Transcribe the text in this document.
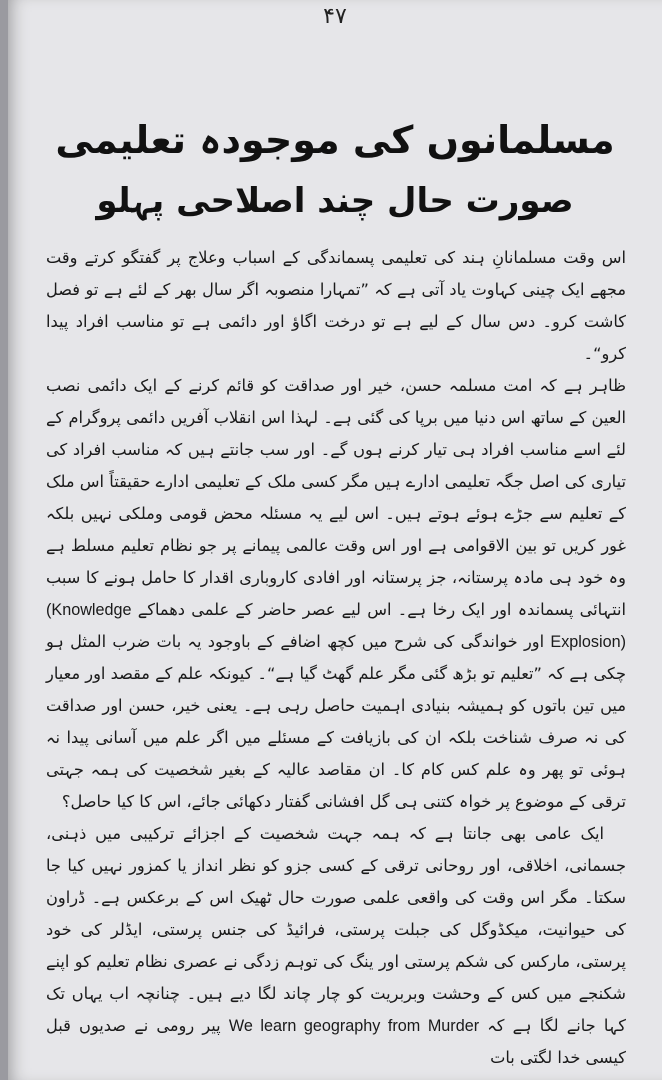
۴۷
مسلمانوں کی موجودہ تعلیمی
صورت حال چند اصلاحی پہلو

اس وقت مسلمانانِ ہند کی تعلیمی پسماندگی کے اسباب وعلاج پر گفتگو کرتے وقت مجھے ایک چینی کہاوت یاد آتی ہے کہ ”تمہارا منصوبہ اگر سال بھر کے لئے ہے تو فصل کاشت کرو۔ دس سال کے لیے ہے تو درخت اگاؤ اور دائمی ہے تو مناسب افراد پیدا کرو“۔

ظاہر ہے کہ امت مسلمہ حسن، خیر اور صداقت کو قائم کرنے کے ایک دائمی نصب العین کے ساتھ اس دنیا میں برپا کی گئی ہے۔ لہذا اس انقلاب آفریں دائمی پروگرام کے لئے اسے مناسب افراد ہی تیار کرنے ہوں گے۔ اور سب جانتے ہیں کہ مناسب افراد کی تیاری کی اصل جگہ تعلیمی ادارے ہیں مگر کسی ملک کے تعلیمی ادارے حقیقتاً اس ملک کے تعلیم سے جڑے ہوئے ہوتے ہیں۔ اس لیے یہ مسئلہ محض قومی وملکی نہیں بلکہ غور کریں تو بین الاقوامی ہے اور اس وقت عالمی پیمانے پر جو نظام تعلیم مسلط ہے وہ خود ہی مادہ پرستانہ، جز پرستانہ اور افادی کاروباری اقدار کا حامل ہونے کا سبب انتہائی پسماندہ اور ایک رخا ہے۔ اس لیے عصر حاضر کے علمی دھماکے (Knowledge Explosion) اور خواندگی کی شرح میں کچھ اضافے کے باوجود یہ بات ضرب المثل ہو چکی ہے کہ ”تعلیم تو بڑھ گئی مگر علم گھٹ گیا ہے“۔ کیونکہ علم کے مقصد اور معیار میں تین باتوں کو ہمیشہ بنیادی اہمیت حاصل رہی ہے۔ یعنی خیر، حسن اور صداقت کی نہ صرف شناخت بلکہ ان کی بازیافت کے مسئلے میں اگر علم میں آسانی پیدا نہ ہوئی تو پھر وہ علم کس کام کا۔ ان مقاصد عالیہ کے بغیر شخصیت کی ہمہ جہتی ترقی کے موضوع پر خواہ کتنی ہی گل افشانی گفتار دکھائی جائے، اس کا کیا حاصل؟

ایک عامی بھی جانتا ہے کہ ہمہ جہت شخصیت کے اجزائے ترکیبی میں ذہنی، جسمانی، اخلاقی، اور روحانی ترقی کے کسی جزو کو نظر انداز یا کمزور نہیں کیا جا سکتا۔ مگر اس وقت کی واقعی علمی صورت حال ٹھیک اس کے برعکس ہے۔ ڈراون کی حیوانیت، میکڈوگل کی جبلت پرستی، فرائیڈ کی جنس پرستی، ایڈلر کی خود پرستی، مارکس کی شکم پرستی اور ینگ کی توہم زدگی نے عصری نظام تعلیم کو اپنے شکنجے میں کس کے وحشت وبربریت کو چار چاند لگا دیے ہیں۔ چنانچہ اب یہاں تک کہا جانے لگا ہے کہ We learn geography from Murder پیر رومی نے صدیوں قبل کیسی خدا لگتی بات
